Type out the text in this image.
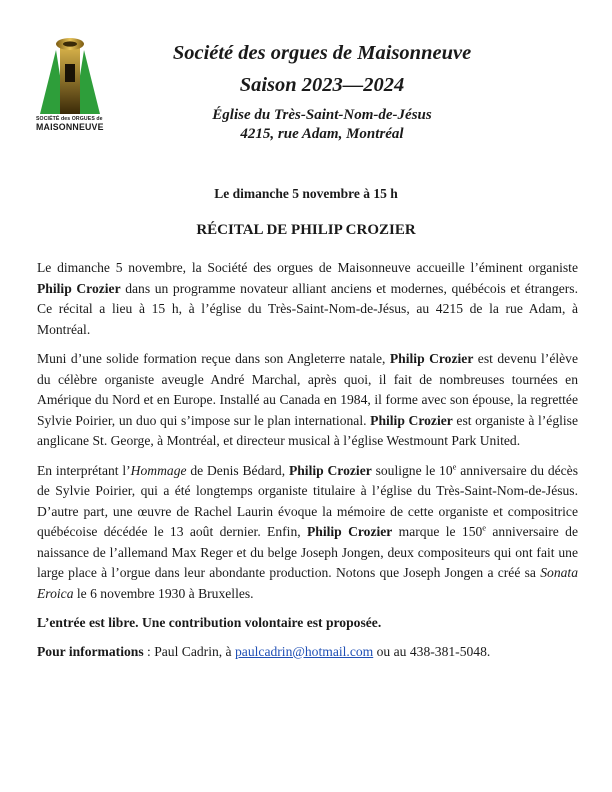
SOCIÉTÉ des ORGUES de
MAISONNEUVE
Société des orgues de Maisonneuve
Saison 2023—2024
Église du Très-Saint-Nom-de-Jésus
4215, rue Adam, Montréal
Le dimanche 5 novembre à 15 h
RÉCITAL DE PHILIP CROZIER

Le dimanche 5 novembre, la Société des orgues de Maisonneuve accueille l’éminent organiste Philip Crozier dans un programme novateur alliant anciens et modernes, québécois et étrangers. Ce récital a lieu à 15 h, à l’église du Très-Saint-Nom-de-Jésus, au 4215 de la rue Adam, à Montréal.

Muni d’une solide formation reçue dans son Angleterre natale, Philip Crozier est devenu l’élève du célèbre organiste aveugle André Marchal, après quoi, il fait de nombreuses tournées en Amérique du Nord et en Europe. Installé au Canada en 1984, il forme avec son épouse, la regrettée Sylvie Poirier, un duo qui s’impose sur le plan international. Philip Crozier est organiste à l’église anglicane St. George, à Montréal, et directeur musical à l’église Westmount Park United.

En interprétant l’Hommage de Denis Bédard, Philip Crozier souligne le 10e anniversaire du décès de Sylvie Poirier, qui a été longtemps organiste titulaire à l’église du Très-Saint-Nom-de-Jésus. D’autre part, une œuvre de Rachel Laurin évoque la mémoire de cette organiste et compositrice québécoise décédée le 13 août dernier. Enfin, Philip Crozier marque le 150e anniversaire de naissance de l’allemand Max Reger et du belge Joseph Jongen, deux compositeurs qui ont fait une large place à l’orgue dans leur abondante production. Notons que Joseph Jongen a créé sa Sonata Eroica le 6 novembre 1930 à Bruxelles.

L’entrée est libre. Une contribution volontaire est proposée.

Pour informations : Paul Cadrin, à paulcadrin@hotmail.com ou au 438-381-5048.
